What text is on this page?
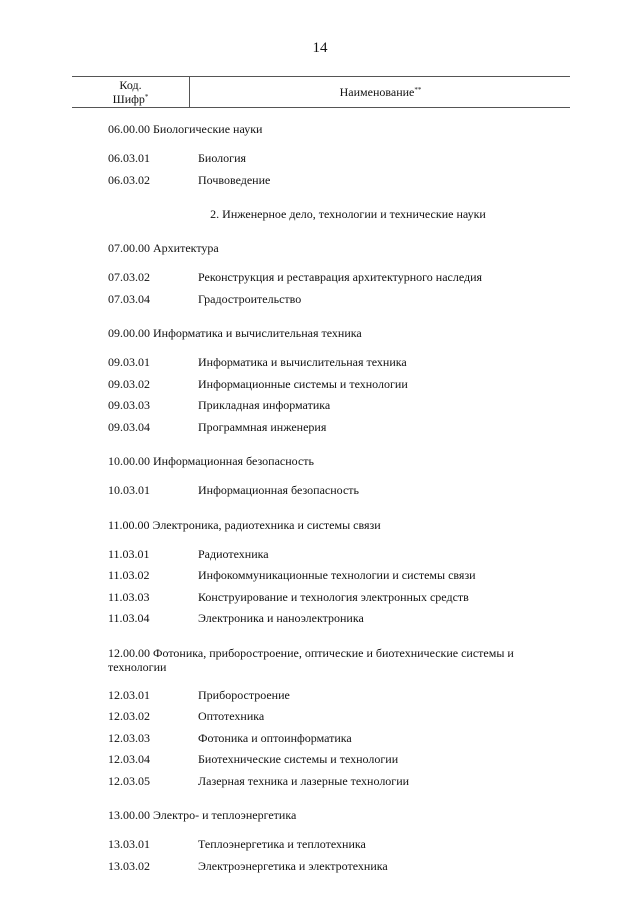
14
Код.
Шифр*	Наименование**
06.00.00 Биологические науки
06.03.01	Биология
06.03.02	Почвоведение
2. Инженерное дело, технологии и технические науки
07.00.00 Архитектура
07.03.02	Реконструкция и реставрация архитектурного наследия
07.03.04	Градостроительство
09.00.00 Информатика и вычислительная техника
09.03.01	Информатика и вычислительная техника
09.03.02	Информационные системы и технологии
09.03.03	Прикладная информатика
09.03.04	Программная инженерия
10.00.00 Информационная безопасность
10.03.01	Информационная безопасность
11.00.00 Электроника, радиотехника и системы связи
11.03.01	Радиотехника
11.03.02	Инфокоммуникационные технологии и системы связи
11.03.03	Конструирование и технология электронных средств
11.03.04	Электроника и наноэлектроника
12.00.00 Фотоника, приборостроение, оптические и биотехнические системы и технологии
12.03.01	Приборостроение
12.03.02	Оптотехника
12.03.03	Фотоника и оптоинформатика
12.03.04	Биотехнические системы и технологии
12.03.05	Лазерная техника и лазерные технологии
13.00.00 Электро- и теплоэнергетика
13.03.01	Теплоэнергетика и теплотехника
13.03.02	Электроэнергетика и электротехника
